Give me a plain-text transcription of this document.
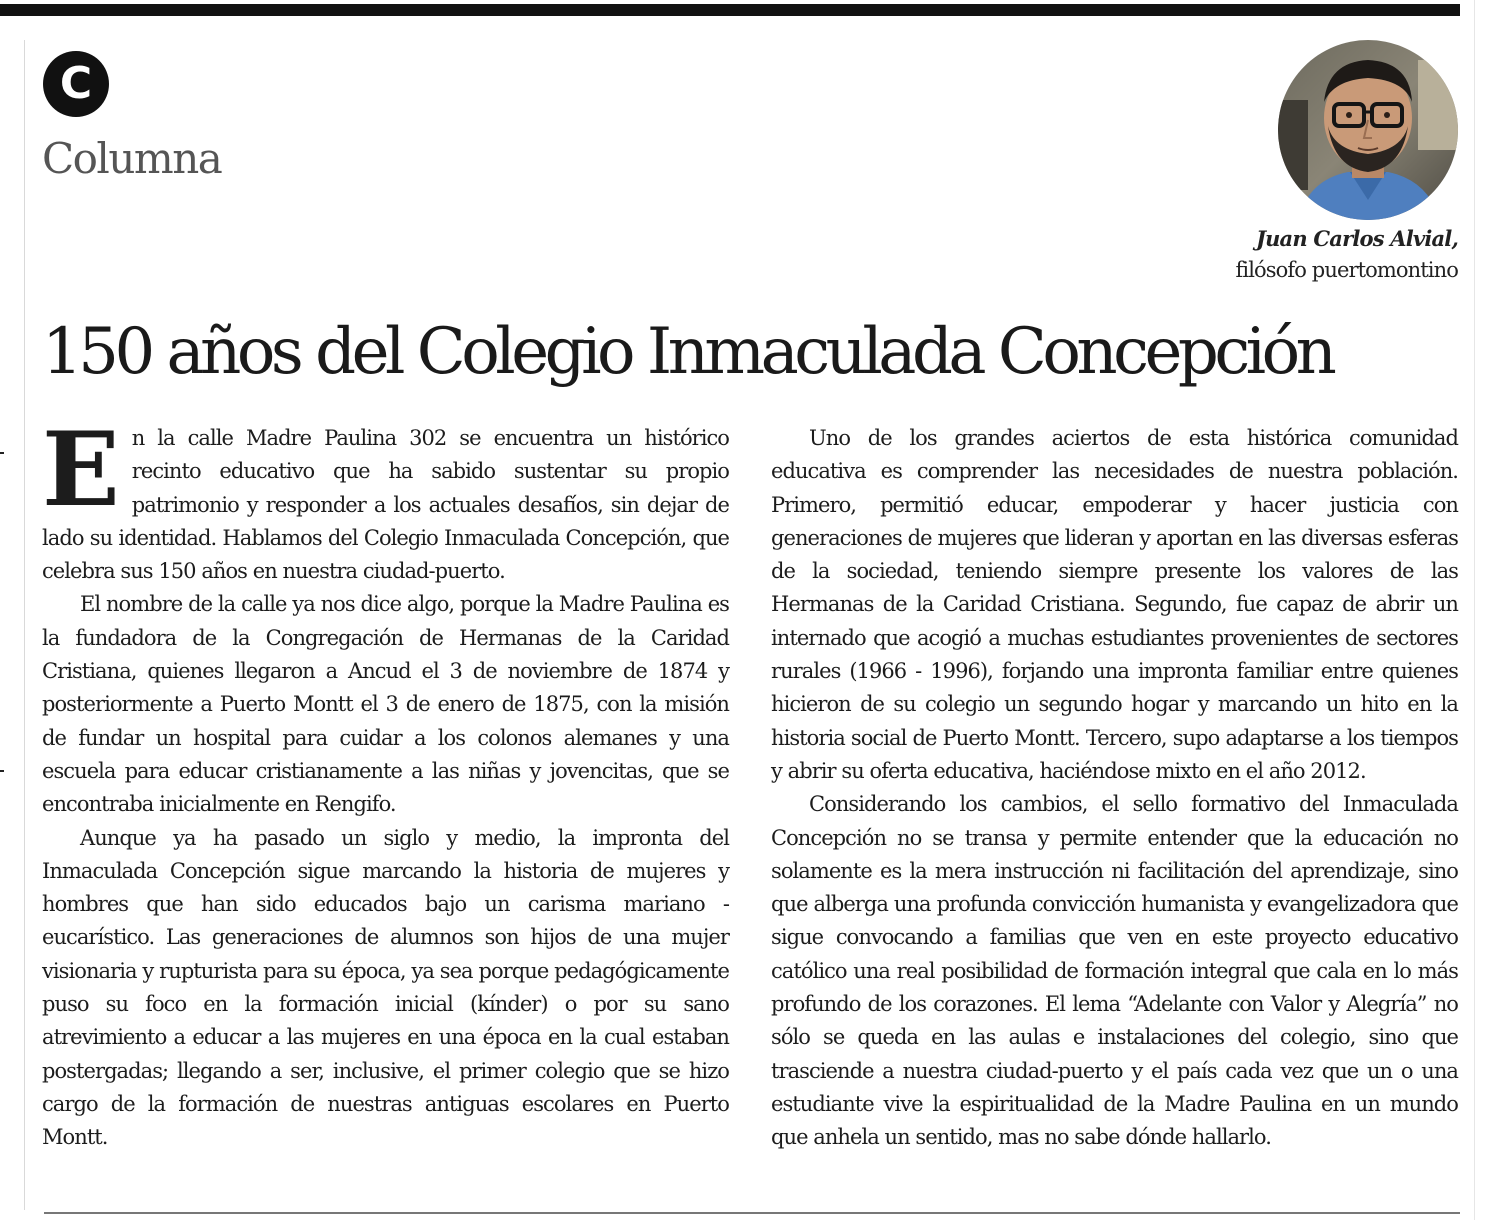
C
Columna
Juan Carlos Alvial,
filósofo puertomontino
150 años del Colegio Inmaculada Concepción

En la calle Madre Paulina 302 se encuentra un histórico recinto educativo que ha sabido sustentar su propio patrimonio y responder a los actuales desafíos, sin dejar de lado su identidad. Hablamos del Colegio Inmaculada Concepción, que celebra sus 150 años en nuestra ciudad-puerto.

El nombre de la calle ya nos dice algo, porque la Madre Paulina es la fundadora de la Congregación de Hermanas de la Caridad Cristiana, quienes llegaron a Ancud el 3 de noviembre de 1874 y posteriormente a Puerto Montt el 3 de enero de 1875, con la misión de fundar un hospital para cuidar a los colonos alemanes y una escuela para educar cristianamente a las niñas y jovencitas, que se encontraba inicialmente en Rengifo.

Aunque ya ha pasado un siglo y medio, la impronta del Inmaculada Concepción sigue marcando la historia de mujeres y hombres que han sido educados bajo un carisma mariano - eucarístico. Las generaciones de alumnos son hijos de una mujer visionaria y rupturista para su época, ya sea porque pedagógicamente puso su foco en la formación inicial (kínder) o por su sano atrevimiento a educar a las mujeres en una época en la cual estaban postergadas; llegando a ser, inclusive, el primer colegio que se hizo cargo de la formación de nuestras antiguas escolares en Puerto Montt.

Uno de los grandes aciertos de esta histórica comunidad educativa es comprender las necesidades de nuestra población. Primero, permitió educar, empoderar y hacer justicia con generaciones de mujeres que lideran y aportan en las diversas esferas de la sociedad, teniendo siempre presente los valores de las Hermanas de la Caridad Cristiana. Segundo, fue capaz de abrir un internado que acogió a muchas estudiantes provenientes de sectores rurales (1966 - 1996), forjando una impronta familiar entre quienes hicieron de su colegio un segundo hogar y marcando un hito en la historia social de Puerto Montt. Tercero, supo adaptarse a los tiempos y abrir su oferta educativa, haciéndose mixto en el año 2012.

Considerando los cambios, el sello formativo del Inmaculada Concepción no se transa y permite entender que la educación no solamente es la mera instrucción ni facilitación del aprendizaje, sino que alberga una profunda convicción humanista y evangelizadora que sigue convocando a familias que ven en este proyecto educativo católico una real posibilidad de formación integral que cala en lo más profundo de los corazones. El lema “Adelante con Valor y Alegría” no sólo se queda en las aulas e instalaciones del colegio, sino que trasciende a nuestra ciudad-puerto y el país cada vez que un o una estudiante vive la espiritualidad de la Madre Paulina en un mundo que anhela un sentido, mas no sabe dónde hallarlo.
